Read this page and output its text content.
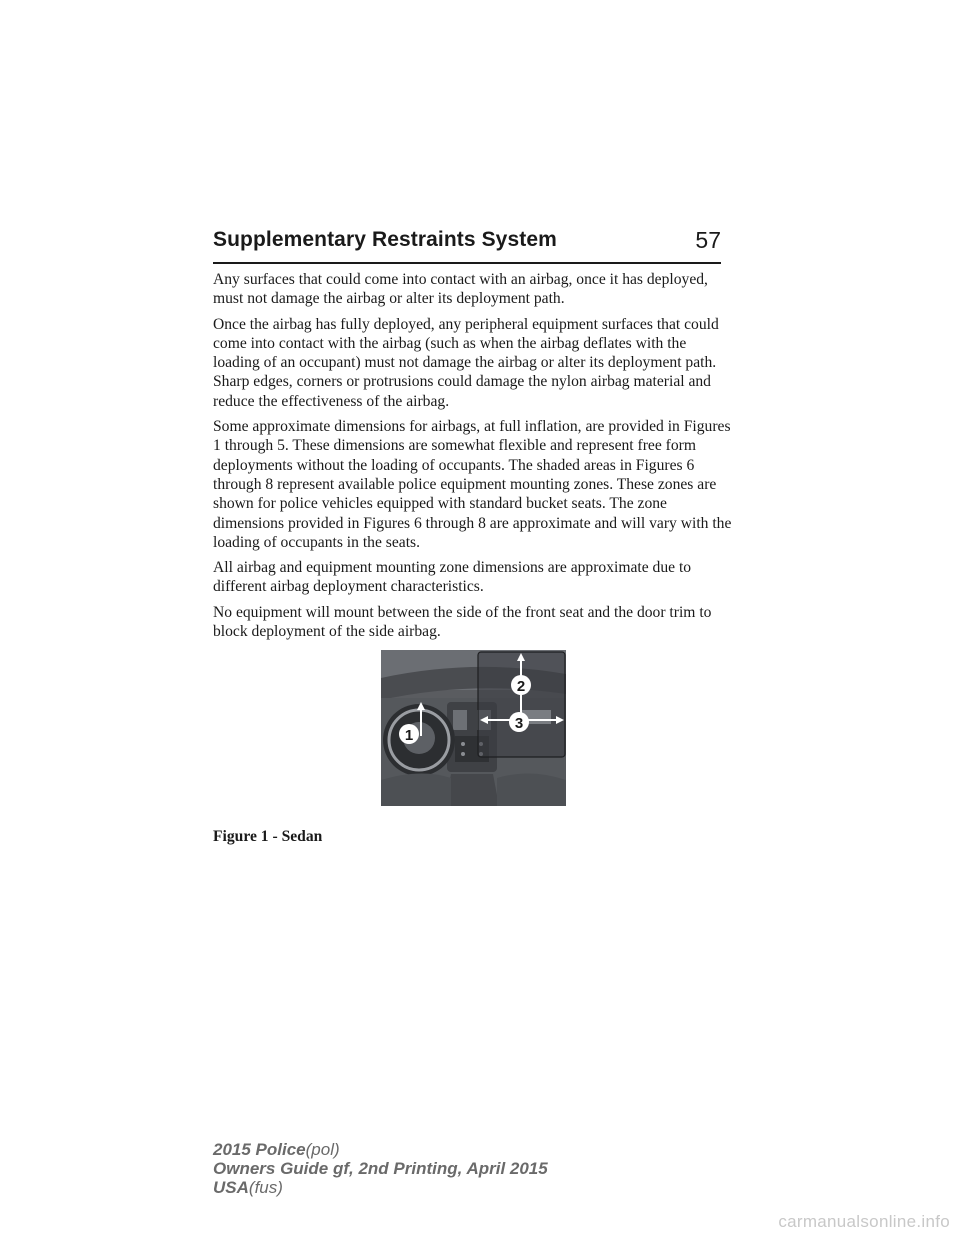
Supplementary Restraints System	57

Any surfaces that could come into contact with an airbag, once it has deployed, must not damage the airbag or alter its deployment path.

Once the airbag has fully deployed, any peripheral equipment surfaces that could come into contact with the airbag (such as when the airbag deflates with the loading of an occupant) must not damage the airbag or alter its deployment path. Sharp edges, corners or protrusions could damage the nylon airbag material and reduce the effectiveness of the airbag.

Some approximate dimensions for airbags, at full inflation, are provided in Figures 1 through 5. These dimensions are somewhat flexible and represent free form deployments without the loading of occupants. The shaded areas in Figures 6 through 8 represent available police equipment mounting zones. These zones are shown for police vehicles equipped with standard bucket seats. The zone dimensions provided in Figures 6 through 8 are approximate and will vary with the loading of occupants in the seats.

All airbag and equipment mounting zone dimensions are approximate due to different airbag deployment characteristics.

No equipment will mount between the side of the front seat and the door trim to block deployment of the side airbag.

1
2
3
Figure 1 - Sedan
2015 Police(pol)
Owners Guide gf, 2nd Printing, April 2015
USA(fus)
carmanualsonline.info
